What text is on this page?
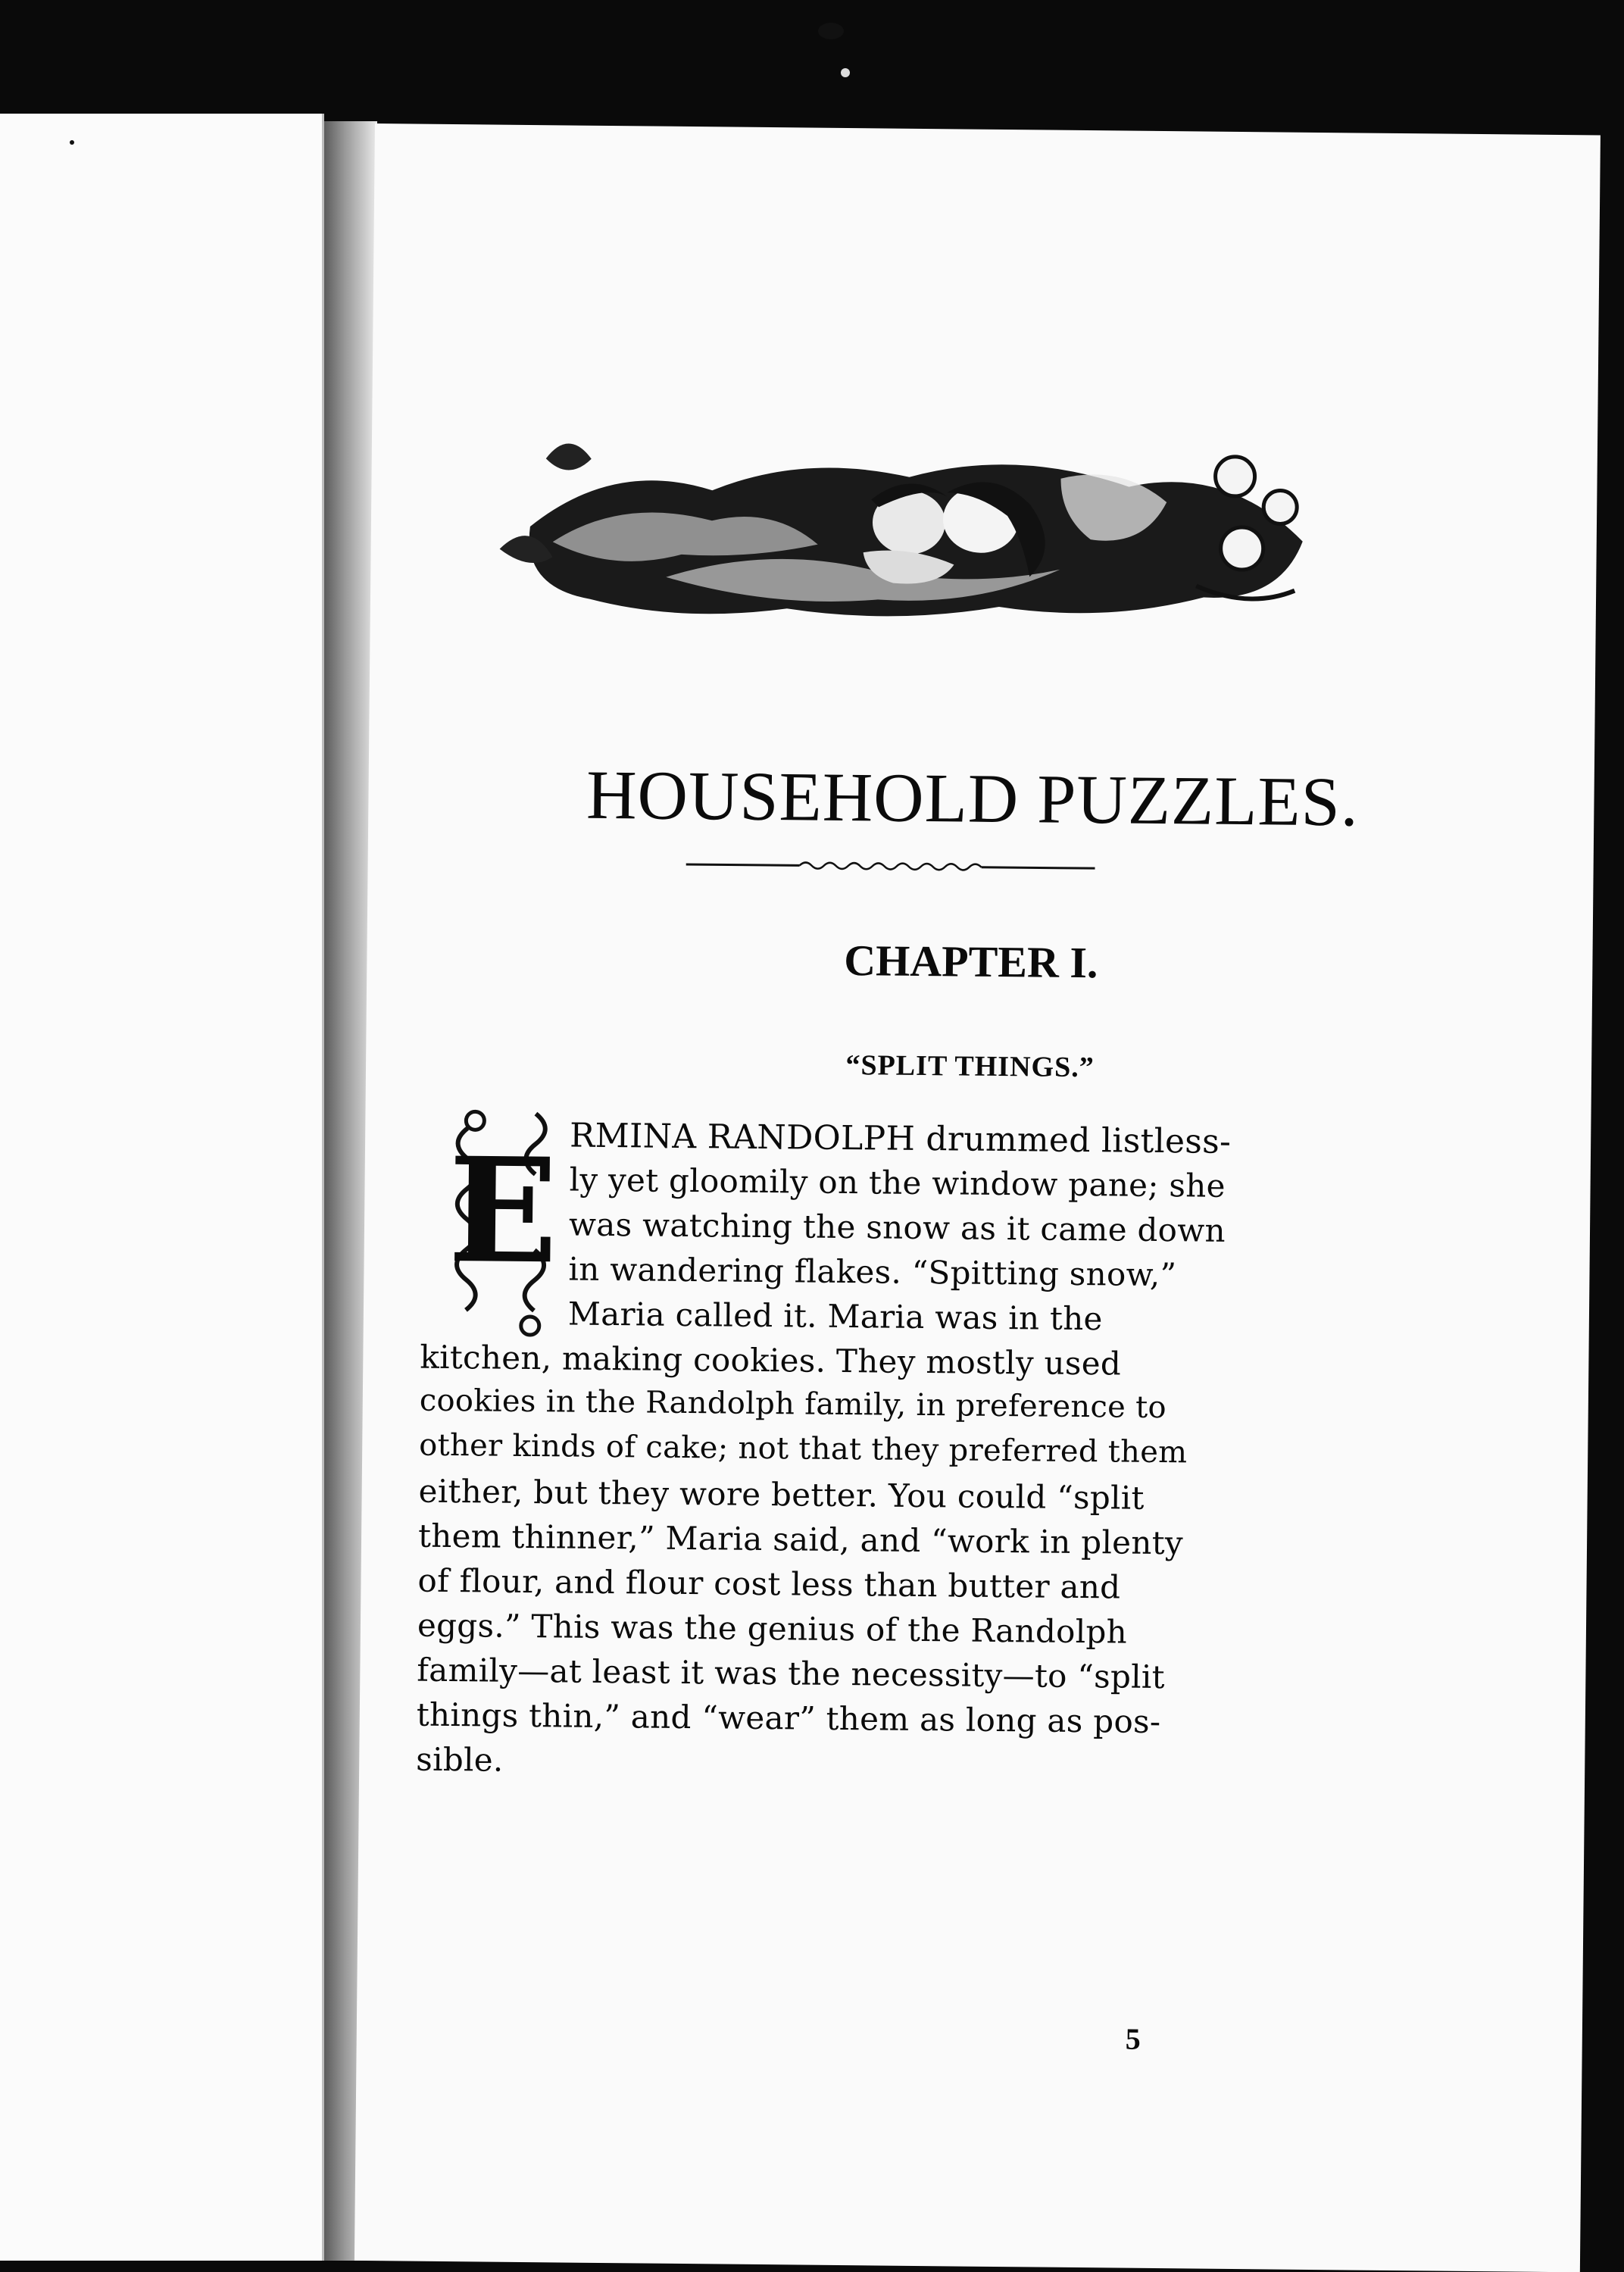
HOUSEHOLD PUZZLES.
CHAPTER I.
“SPLIT THINGS.”
E RMINA RANDOLPH drummed listless-

ly yet gloomily on the window pane; she

was watching the snow as it came down

in wandering flakes. “Spitting snow,”

Maria called it. Maria was in the

kitchen, making cookies. They mostly used

cookies in the Randolph family, in preference to

other kinds of cake; not that they preferred them

either, but they wore better. You could “split

them thinner,” Maria said, and “work in plenty

of flour, and flour cost less than butter and

eggs.” This was the genius of the Randolph

family—at least it was the necessity—to “split

things thin,” and “wear” them as long as pos-

sible.

5
